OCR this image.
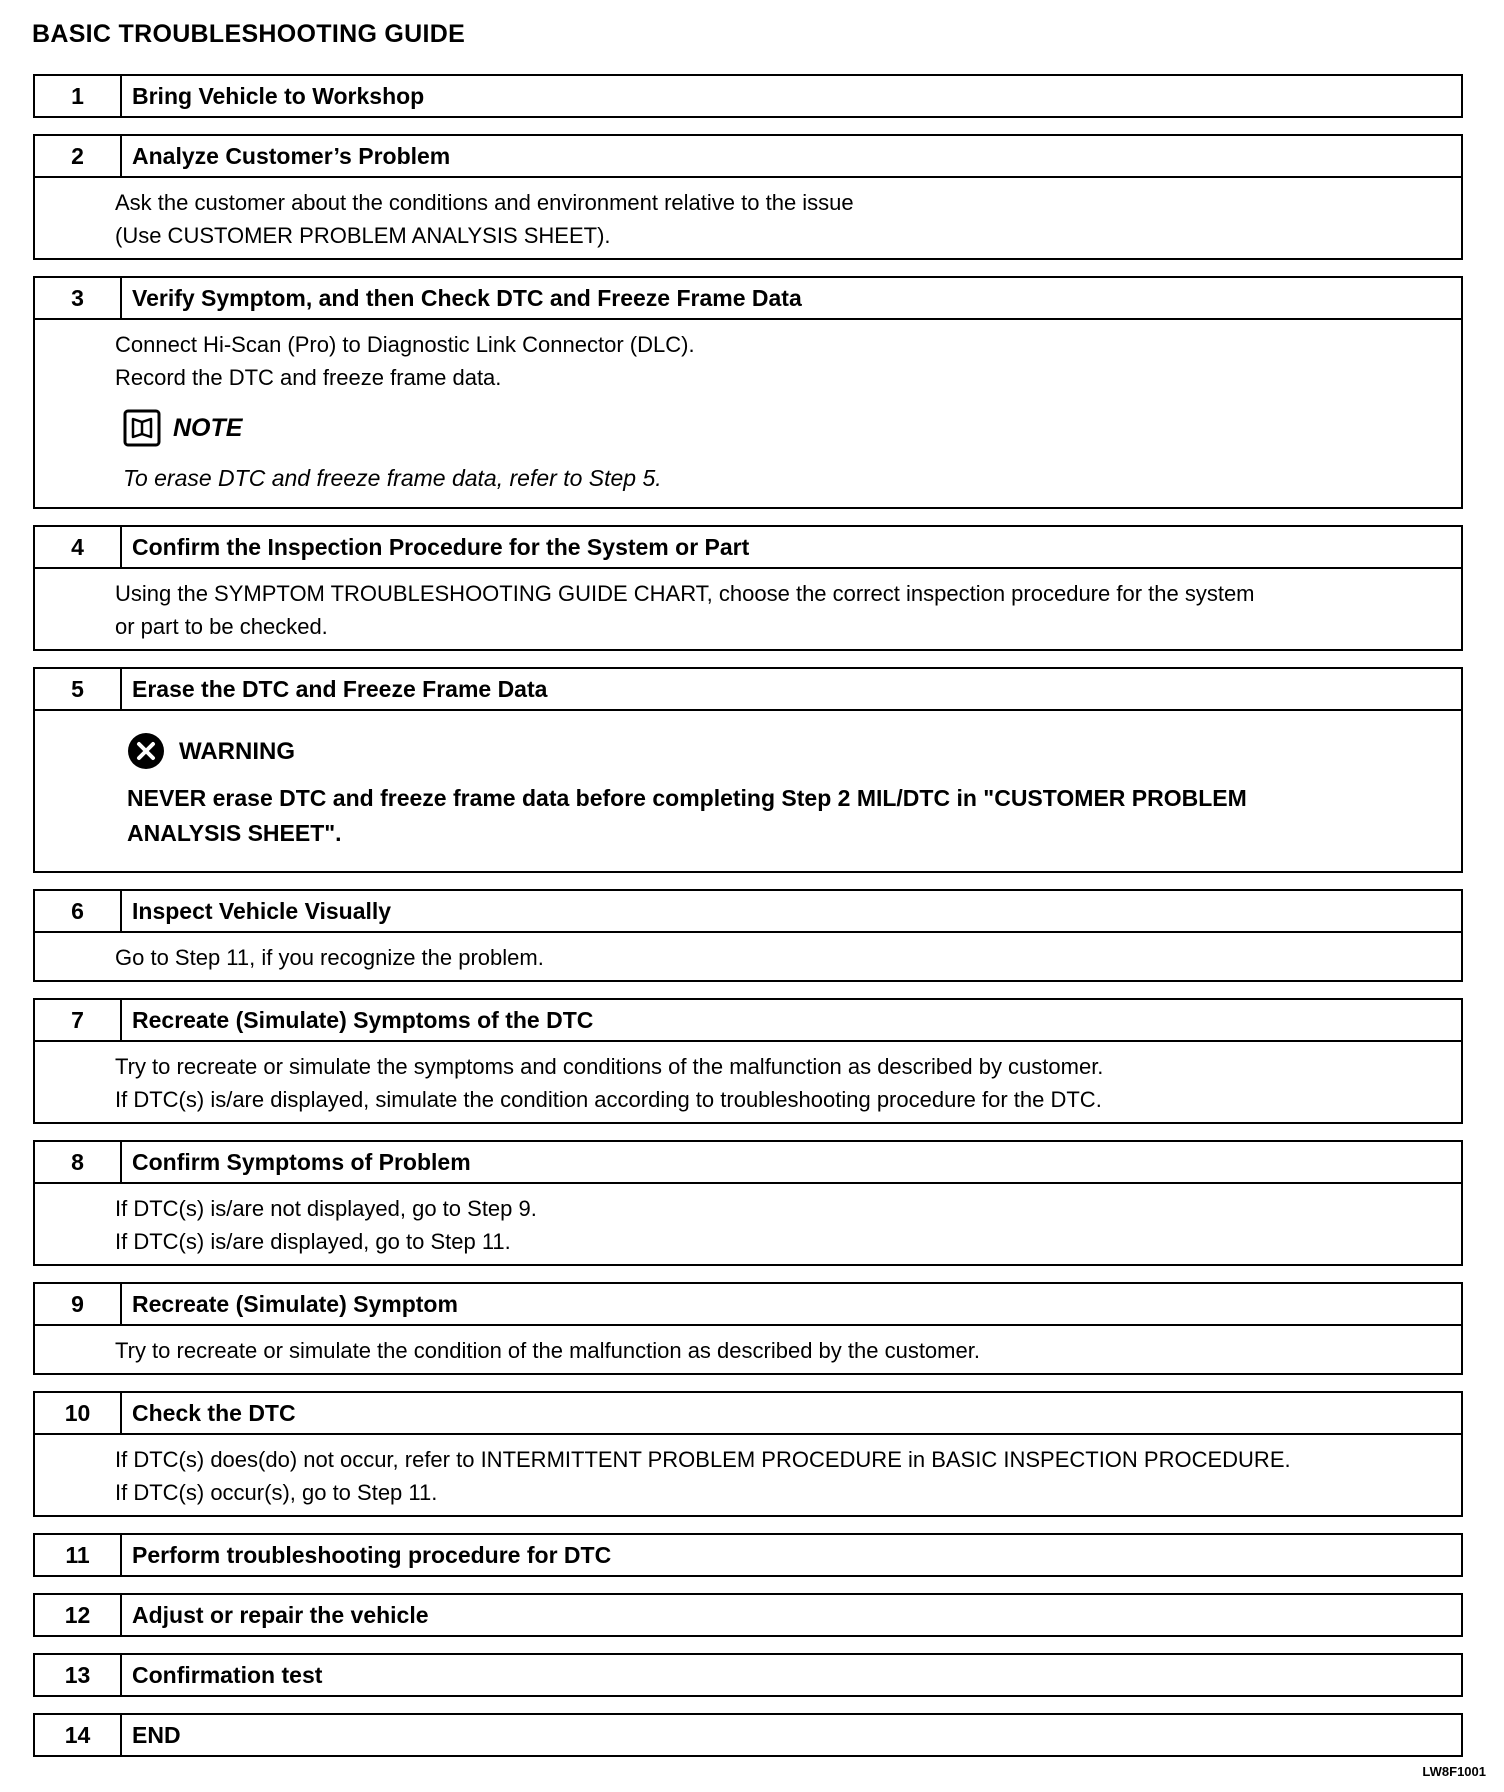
BASIC TROUBLESHOOTING GUIDE
1	Bring Vehicle to Workshop
2	Analyze Customer’s Problem

Ask the customer about the conditions and environment relative to the issue

(Use CUSTOMER PROBLEM ANALYSIS SHEET).

3	Verify Symptom, and then Check DTC and Freeze Frame Data

Connect Hi-Scan (Pro) to Diagnostic Link Connector (DLC).

Record the DTC and freeze frame data.

NOTE

To erase DTC and freeze frame data, refer to Step 5.

4	Confirm the Inspection Procedure for the System or Part

Using the SYMPTOM TROUBLESHOOTING GUIDE CHART, choose the correct inspection procedure for the system

or part to be checked.

5	Erase the DTC and Freeze Frame Data
WARNING

NEVER erase DTC and freeze frame data before completing Step 2 MIL/DTC in "CUSTOMER PROBLEM
ANALYSIS SHEET".

6	Inspect Vehicle Visually

Go to Step 11, if you recognize the problem.

7	Recreate (Simulate) Symptoms of the DTC

Try to recreate or simulate the symptoms and conditions of the malfunction as described by customer.

If DTC(s) is/are displayed, simulate the condition according to troubleshooting procedure for the DTC.

8	Confirm Symptoms of Problem

If DTC(s) is/are not displayed, go to Step 9.

If DTC(s) is/are displayed, go to Step 11.

9	Recreate (Simulate) Symptom

Try to recreate or simulate the condition of the malfunction as described by the customer.

10	Check the DTC

If DTC(s) does(do) not occur, refer to INTERMITTENT PROBLEM PROCEDURE in BASIC INSPECTION PROCEDURE.

If DTC(s) occur(s), go to Step 11.

11	Perform troubleshooting procedure for DTC
12	Adjust or repair the vehicle
13	Confirmation test
14	END
LW8F1001
